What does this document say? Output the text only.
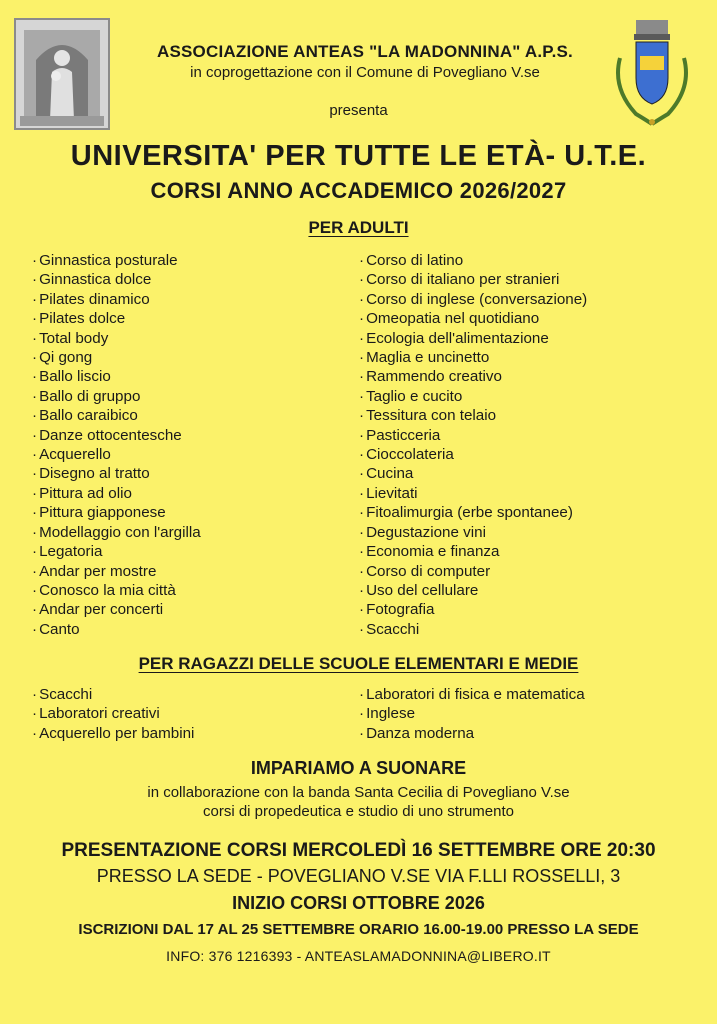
ASSOCIAZIONE ANTEAS "LA MADONNINA" A.P.S.
in coprogettazione con il Comune di Povegliano V.se
presenta
UNIVERSITA' PER TUTTE LE ETÀ- U.T.E.
CORSI ANNO ACCADEMICO 2026/2027
PER ADULTI
· Ginnastica posturale
· Ginnastica dolce
· Pilates dinamico
· Pilates dolce
· Total body
· Qi gong
· Ballo liscio
· Ballo di gruppo
· Ballo caraibico
· Danze ottocentesche
· Acquerello
· Disegno al tratto
· Pittura ad olio
· Pittura giapponese
· Modellaggio con l'argilla
· Legatoria
· Andar per mostre
· Conosco la mia città
· Andar per concerti
· Canto
· Corso di latino
· Corso di italiano per stranieri
· Corso di inglese (conversazione)
· Omeopatia nel quotidiano
· Ecologia dell'alimentazione
· Maglia e uncinetto
· Rammendo creativo
· Taglio e cucito
· Tessitura con telaio
· Pasticceria
· Cioccolateria
· Cucina
· Lievitati
· Fitoalimurgia (erbe spontanee)
· Degustazione vini
· Economia e finanza
· Corso di computer
· Uso del cellulare
· Fotografia
· Scacchi
PER RAGAZZI DELLE SCUOLE ELEMENTARI E MEDIE
· Scacchi
· Laboratori creativi
· Acquerello per bambini
· Laboratori di fisica e matematica
· Inglese
· Danza moderna
IMPARIAMO A SUONARE
in collaborazione con la banda Santa Cecilia di Povegliano V.se
corsi di propedeutica e studio di uno strumento
PRESENTAZIONE CORSI MERCOLEDÌ 16 SETTEMBRE ORE 20:30
PRESSO LA SEDE - POVEGLIANO V.SE VIA F.LLI ROSSELLI, 3
INIZIO CORSI OTTOBRE 2026
ISCRIZIONI DAL 17 AL 25 SETTEMBRE ORARIO 16.00-19.00 PRESSO LA SEDE
INFO: 376 1216393 - ANTEASLAMADONNINA@LIBERO.IT
